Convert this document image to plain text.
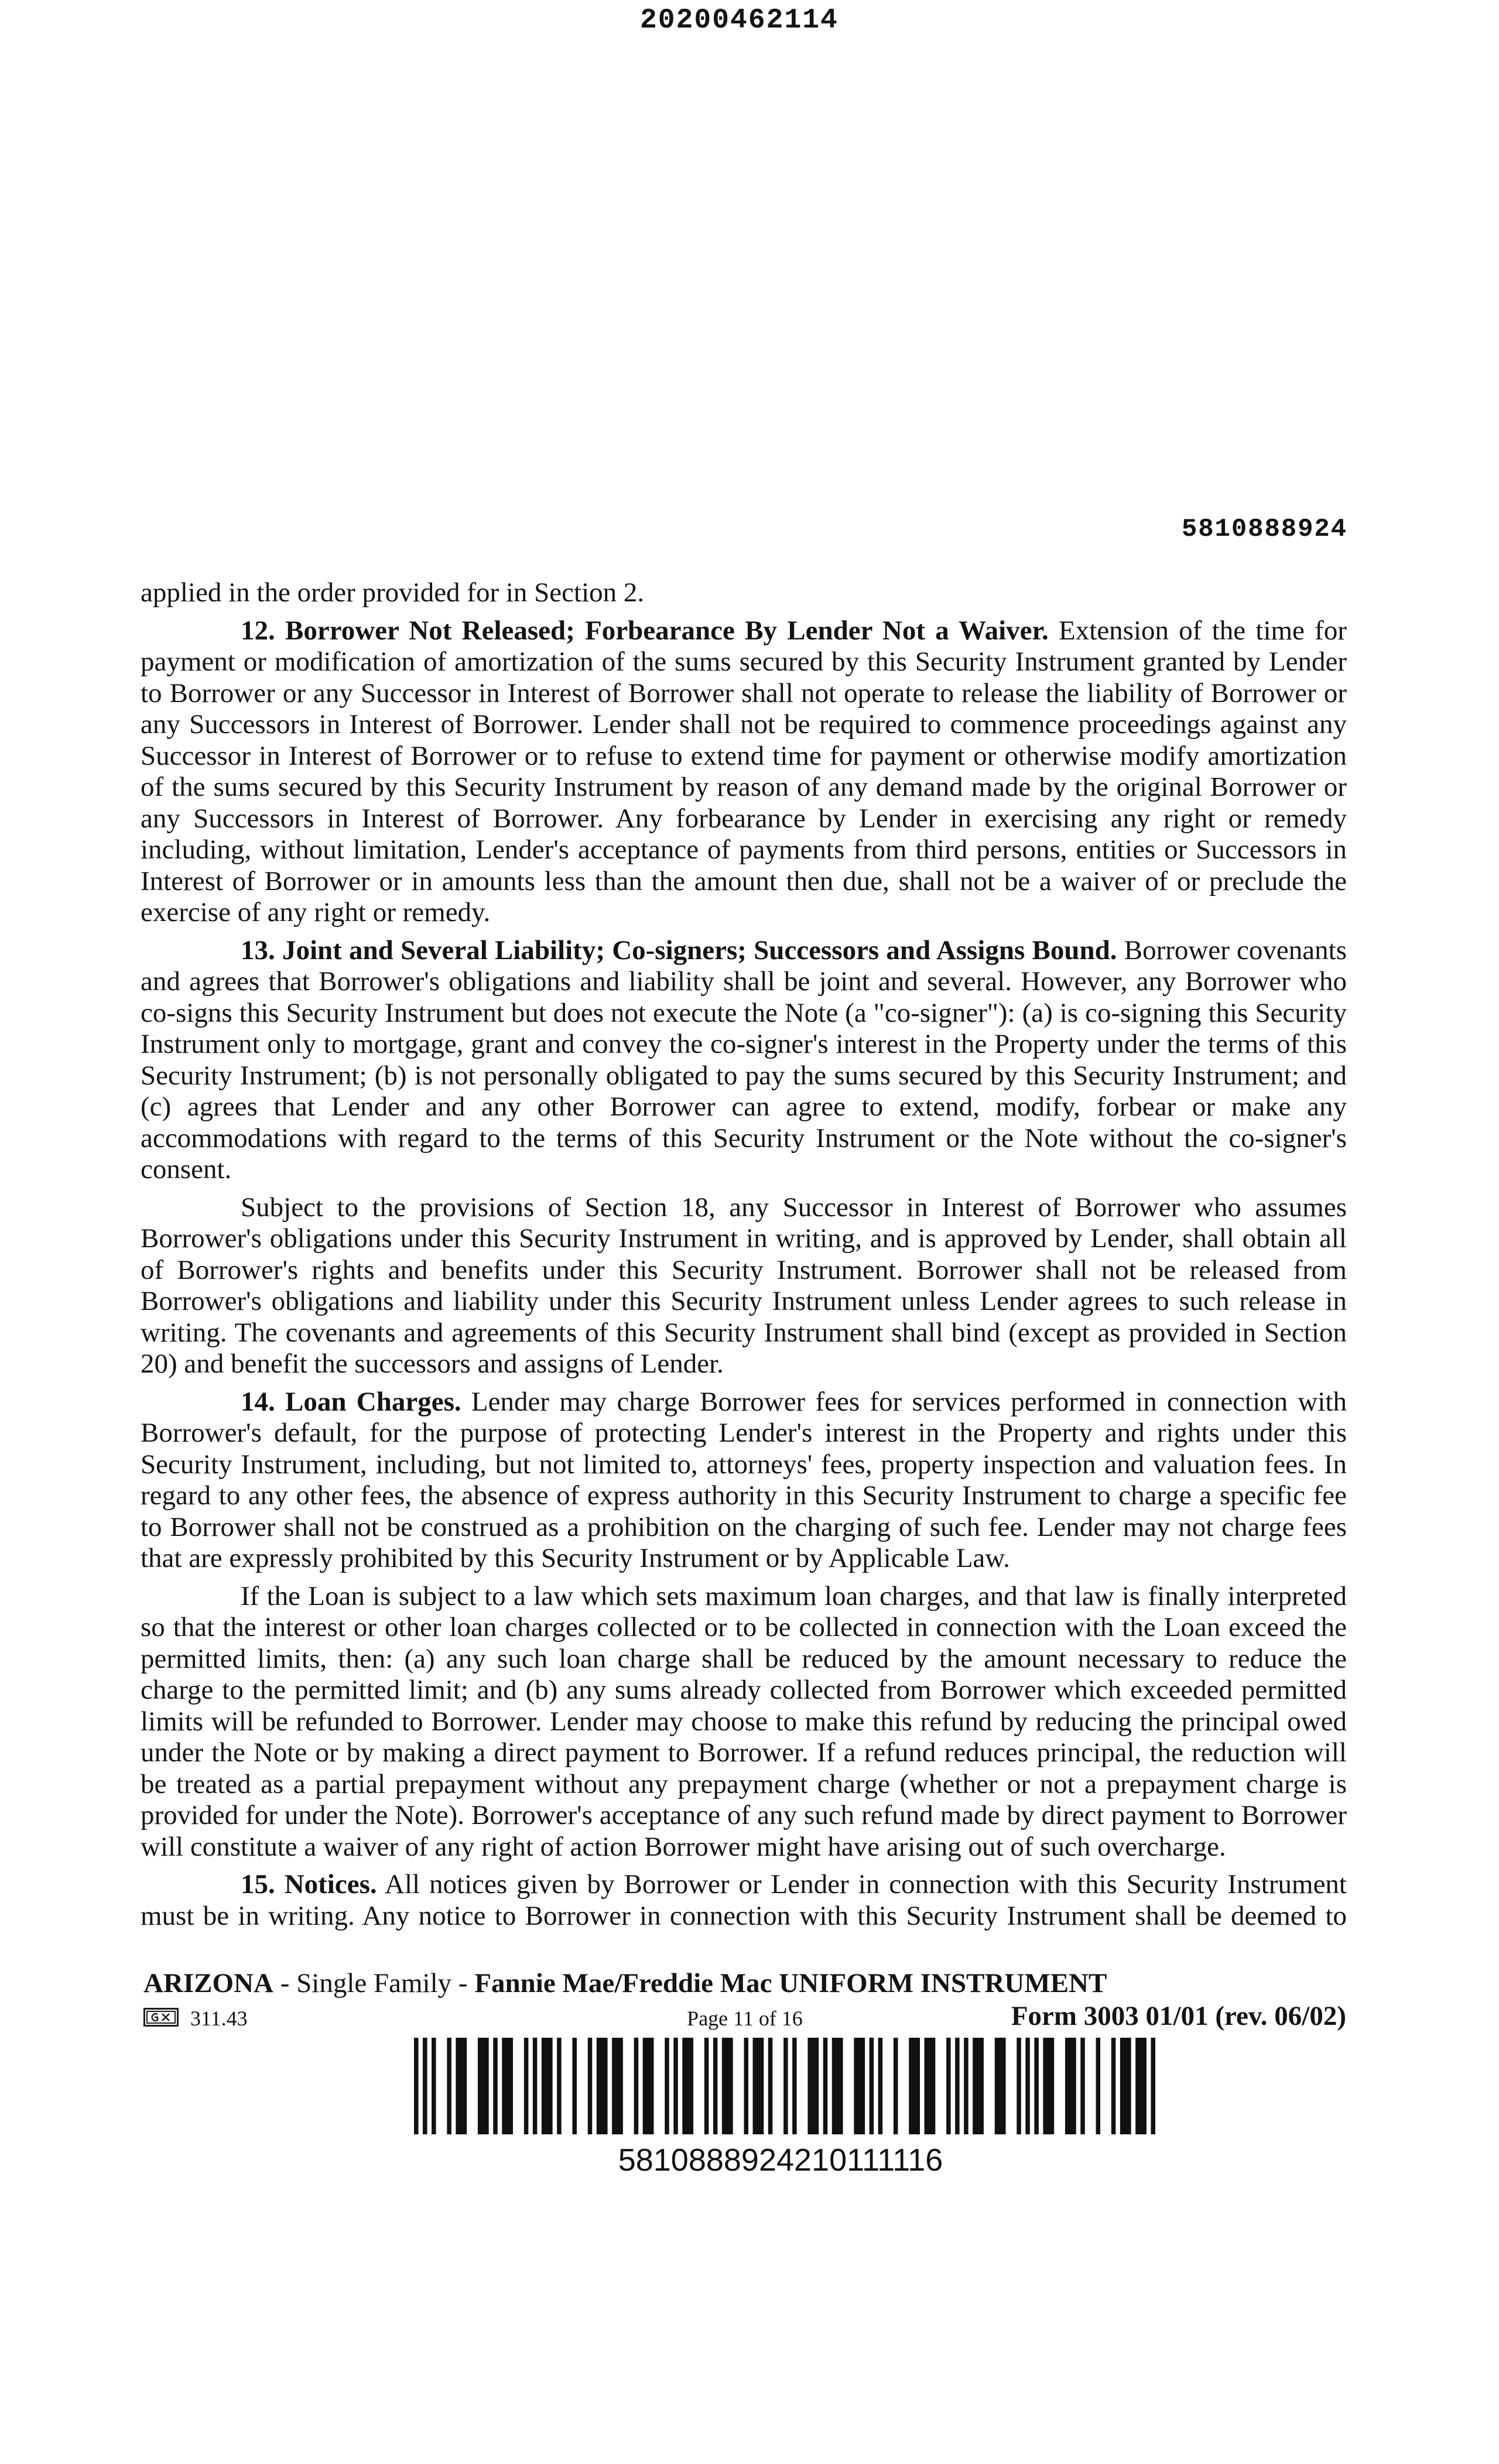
20200462114
5810888924
applied in the order provided for in Section 2.
12. Borrower Not Released; Forbearance By Lender Not a Waiver. Extension of the time for
payment or modification of amortization of the sums secured by this Security Instrument granted by Lender
to Borrower or any Successor in Interest of Borrower shall not operate to release the liability of Borrower or
any Successors in Interest of Borrower. Lender shall not be required to commence proceedings against any
Successor in Interest of Borrower or to refuse to extend time for payment or otherwise modify amortization
of the sums secured by this Security Instrument by reason of any demand made by the original Borrower or
any Successors in Interest of Borrower. Any forbearance by Lender in exercising any right or remedy
including, without limitation, Lender's acceptance of payments from third persons, entities or Successors in
Interest of Borrower or in amounts less than the amount then due, shall not be a waiver of or preclude the
exercise of any right or remedy.
13. Joint and Several Liability; Co-signers; Successors and Assigns Bound. Borrower covenants
and agrees that Borrower's obligations and liability shall be joint and several. However, any Borrower who
co-signs this Security Instrument but does not execute the Note (a "co-signer"): (a) is co-signing this Security
Instrument only to mortgage, grant and convey the co-signer's interest in the Property under the terms of this
Security Instrument; (b) is not personally obligated to pay the sums secured by this Security Instrument; and
(c) agrees that Lender and any other Borrower can agree to extend, modify, forbear or make any
accommodations with regard to the terms of this Security Instrument or the Note without the co-signer's
consent.
Subject to the provisions of Section 18, any Successor in Interest of Borrower who assumes
Borrower's obligations under this Security Instrument in writing, and is approved by Lender, shall obtain all
of Borrower's rights and benefits under this Security Instrument. Borrower shall not be released from
Borrower's obligations and liability under this Security Instrument unless Lender agrees to such release in
writing. The covenants and agreements of this Security Instrument shall bind (except as provided in Section
20) and benefit the successors and assigns of Lender.
14. Loan Charges. Lender may charge Borrower fees for services performed in connection with
Borrower's default, for the purpose of protecting Lender's interest in the Property and rights under this
Security Instrument, including, but not limited to, attorneys' fees, property inspection and valuation fees. In
regard to any other fees, the absence of express authority in this Security Instrument to charge a specific fee
to Borrower shall not be construed as a prohibition on the charging of such fee. Lender may not charge fees
that are expressly prohibited by this Security Instrument or by Applicable Law.
If the Loan is subject to a law which sets maximum loan charges, and that law is finally interpreted
so that the interest or other loan charges collected or to be collected in connection with the Loan exceed the
permitted limits, then: (a) any such loan charge shall be reduced by the amount necessary to reduce the
charge to the permitted limit; and (b) any sums already collected from Borrower which exceeded permitted
limits will be refunded to Borrower. Lender may choose to make this refund by reducing the principal owed
under the Note or by making a direct payment to Borrower. If a refund reduces principal, the reduction will
be treated as a partial prepayment without any prepayment charge (whether or not a prepayment charge is
provided for under the Note). Borrower's acceptance of any such refund made by direct payment to Borrower
will constitute a waiver of any right of action Borrower might have arising out of such overcharge.
15. Notices. All notices given by Borrower or Lender in connection with this Security Instrument
must be in writing. Any notice to Borrower in connection with this Security Instrument shall be deemed to
ARIZONA - Single Family - Fannie Mae/Freddie Mac UNIFORM INSTRUMENT
311.43	Page 11 of 16	Form 3003 01/01 (rev. 06/02)
5810888924210111116
